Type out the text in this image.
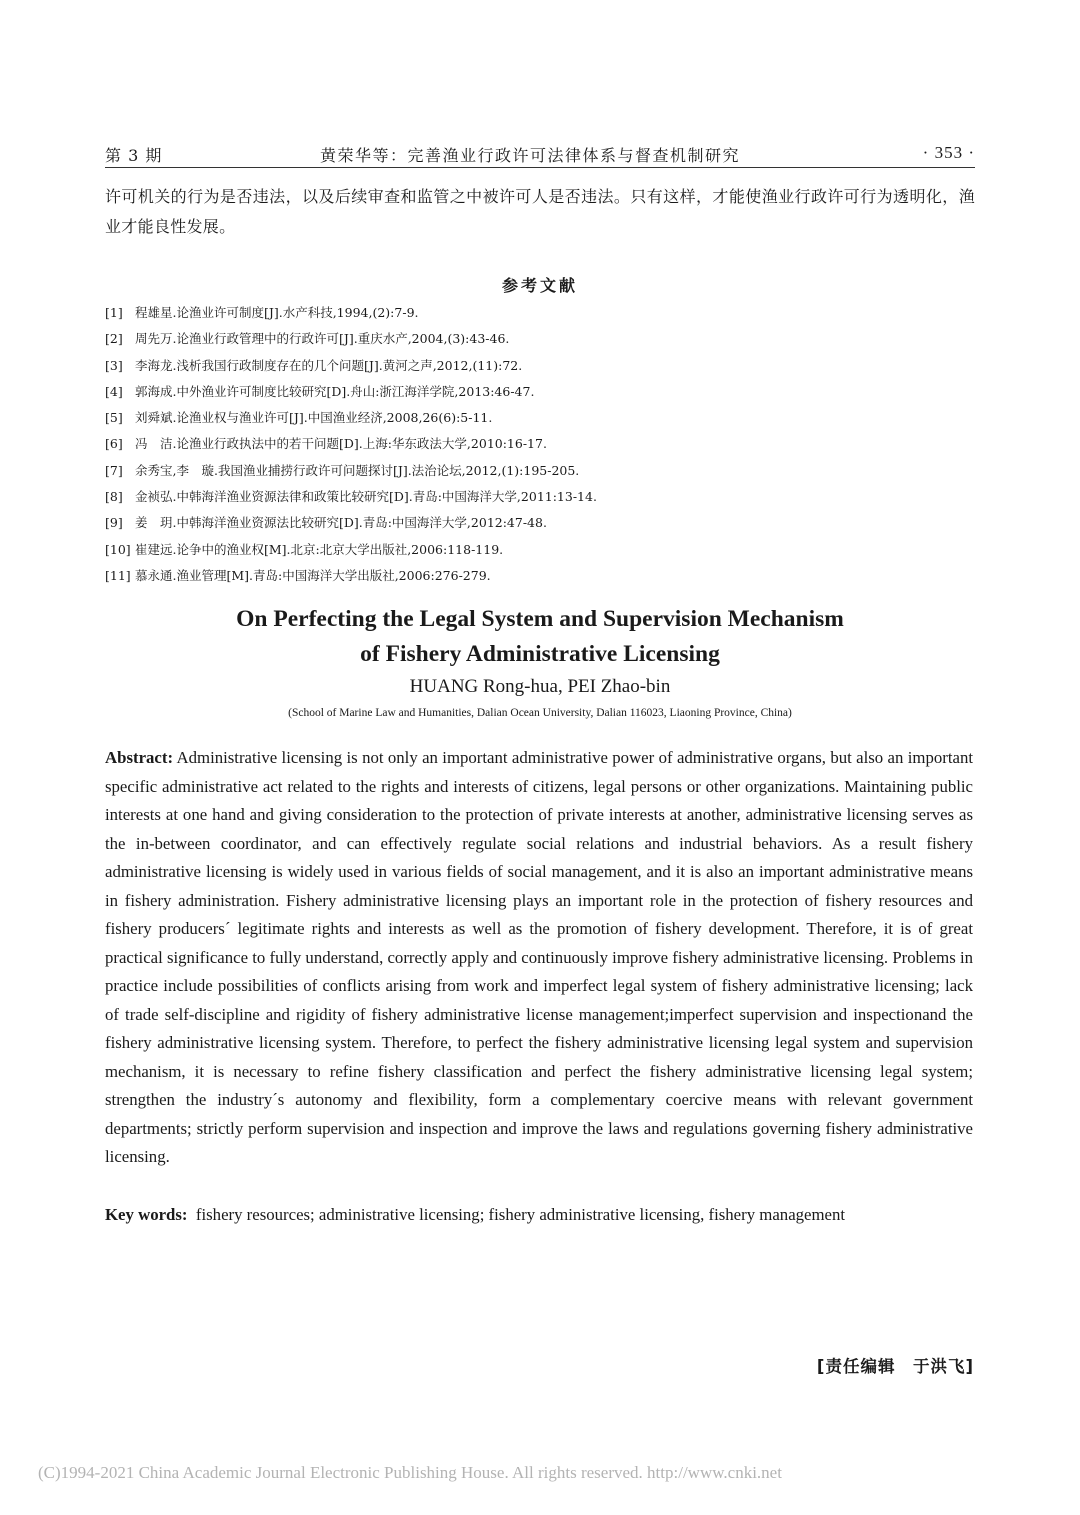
第 3 期	黄荣华等：完善渔业行政许可法律体系与督查机制研究	· 353 ·

许可机关的行为是否违法，以及后续审查和监管之中被许可人是否违法。只有这样，才能使渔业行政许可行为透明化，渔业才能良性发展。

参考文献
[1] 程雄星.论渔业许可制度[J].水产科技,1994,(2):7-9.
[2] 周先万.论渔业行政管理中的行政许可[J].重庆水产,2004,(3):43-46.
[3] 李海龙.浅析我国行政制度存在的几个问题[J].黄河之声,2012,(11):72.
[4] 郭海成.中外渔业许可制度比较研究[D].舟山:浙江海洋学院,2013:46-47.
[5] 刘舜斌.论渔业权与渔业许可[J].中国渔业经济,2008,26(6):5-11.
[6] 冯　洁.论渔业行政执法中的若干问题[D].上海:华东政法大学,2010:16-17.
[7] 余秀宝,李　璇.我国渔业捕捞行政许可问题探讨[J].法治论坛,2012,(1):195-205.
[8] 金祯弘.中韩海洋渔业资源法律和政策比较研究[D].青岛:中国海洋大学,2011:13-14.
[9] 姜　玥.中韩海洋渔业资源法比较研究[D].青岛:中国海洋大学,2012:47-48.
[10] 崔建远.论争中的渔业权[M].北京:北京大学出版社,2006:118-119.
[11] 慕永通.渔业管理[M].青岛:中国海洋大学出版社,2006:276-279.
On Perfecting the Legal System and Supervision Mechanism
of Fishery Administrative Licensing
HUANG Rong-hua, PEI Zhao-bin
(School of Marine Law and Humanities, Dalian Ocean University, Dalian 116023, Liaoning Province, China)

Abstract: Administrative licensing is not only an important administrative power of administrative organs, but also an important specific administrative act related to the rights and interests of citizens, legal persons or other organizations. Maintaining public interests at one hand and giving consideration to the protection of private interests at another, administrative licensing serves as the in-between coordinator, and can effectively regulate social relations and industrial behaviors. As a result fishery administrative licensing is widely used in various fields of social management, and it is also an important administrative means in fishery administration. Fishery administrative licensing plays an important role in the protection of fishery resources and fishery producers´ legitimate rights and interests as well as the promotion of fishery development. Therefore, it is of great practical significance to fully understand, correctly apply and continuously improve fishery administrative licensing. Problems in practice include possibilities of conflicts arising from work and imperfect legal system of fishery administrative licensing; lack of trade self-discipline and rigidity of fishery administrative license management;imperfect supervision and inspectionand the fishery administrative licensing system. Therefore, to perfect the fishery administrative licensing legal system and supervision mechanism, it is necessary to refine fishery classification and perfect the fishery administrative licensing legal system; strengthen the industry´s autonomy and flexibility, form a complementary coercive means with relevant government departments; strictly perform supervision and inspection and improve the laws and regulations governing fishery administrative licensing.

Key words: fishery resources; administrative licensing; fishery administrative licensing, fishery management

[责任编辑　于洪飞]
(C)1994-2021 China Academic Journal Electronic Publishing House. All rights reserved. http://www.cnki.net
